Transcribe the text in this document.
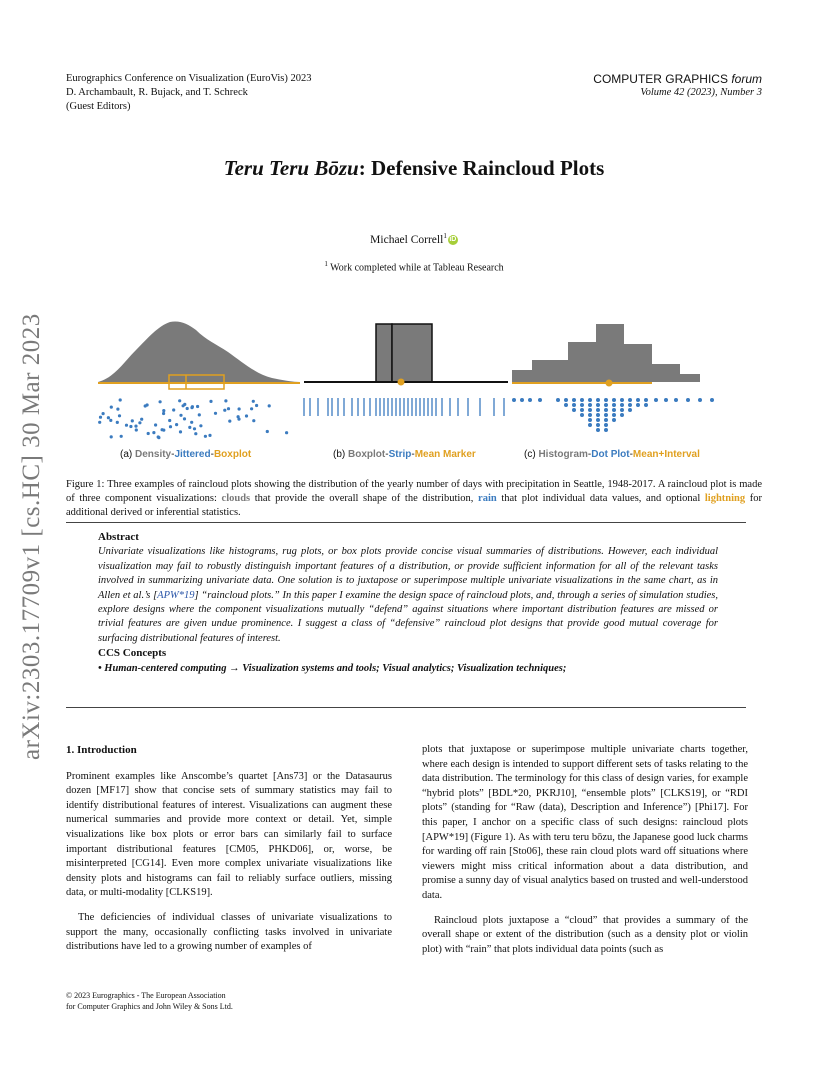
Eurographics Conference on Visualization (EuroVis) 2023
D. Archambault, R. Bujack, and T. Schreck
(Guest Editors)
COMPUTER GRAPHICS forum
Volume 42 (2023), Number 3
arXiv:2303.17709v1 [cs.HC] 30 Mar 2023
Teru Teru Bōzu: Defensive Raincloud Plots
Michael Correll$^1$ iD
$^1$ Work completed while at Tableau Research
(a) Density-Jittered-Boxplot	(b) Boxplot-Strip-Mean Marker	(c) Histogram-Dot Plot-Mean+Interval
Figure 1: Three examples of raincloud plots showing the distribution of the yearly number of days with precipitation in Seattle, 1948-2017. A raincloud plot is made of three component visualizations: clouds that provide the overall shape of the distribution, rain that plot individual data values, and optional lightning for additional derived or inferential statistics.
Abstract
Univariate visualizations like histograms, rug plots, or box plots provide concise visual summaries of distributions. However, each individual visualization may fail to robustly distinguish important features of a distribution, or provide sufficient information for all of the relevant tasks involved in summarizing univariate data. One solution is to juxtapose or superimpose multiple univariate visualizations in the same chart, as in Allen et al.’s [APW*19] “raincloud plots.” In this paper I examine the design space of raincloud plots, and, through a series of simulation studies, explore designs where the component visualizations mutually “defend” against situations where important distribution features are missed or trivial features are given undue prominence. I suggest a class of “defensive” raincloud plot designs that provide good mutual coverage for surfacing distributional features of interest.
CCS Concepts
• Human-centered computing → Visualization systems and tools; Visual analytics; Visualization techniques;
1. Introduction

Prominent examples like Anscombe’s quartet [Ans73] or the Datasaurus dozen [MF17] show that concise sets of summary statistics may fail to identify distributional features of interest. Visualizations can augment these numerical summaries and provide more context or detail. Yet, simple visualizations like box plots or error bars can similarly fail to surface important distributional features [CM05, PHKD06], or, worse, be misinterpreted [CG14]. Even more complex univariate visualizations like density plots and histograms can fail to reliably surface outliers, missing data, or multi-modality [CLKS19].

The deficiencies of individual classes of univariate visualizations to support the many, occasionally conflicting tasks involved in univariate distributions have led to a growing number of examples of

plots that juxtapose or superimpose multiple univariate charts together, where each design is intended to support different sets of tasks relating to the data distribution. The terminology for this class of design varies, for example “hybrid plots” [BDL*20, PKRJ10], “ensemble plots” [CLKS19], or “RDI plots” (standing for “Raw (data), Description and Inference”) [Phi17]. For this paper, I anchor on a specific class of such designs: raincloud plots [APW*19] (Figure 1). As with teru teru bōzu, the Japanese good luck charms for warding off rain [Sto06], these rain cloud plots ward off situations where viewers might miss critical information about a data distribution, and promise a sunny day of visual analytics based on trusted and well-understood data.

Raincloud plots juxtapose a “cloud” that provides a summary of the overall shape or extent of the distribution (such as a density plot or violin plot) with “rain” that plots individual data points (such as

© 2023 Eurographics - The European Association
for Computer Graphics and John Wiley & Sons Ltd.
